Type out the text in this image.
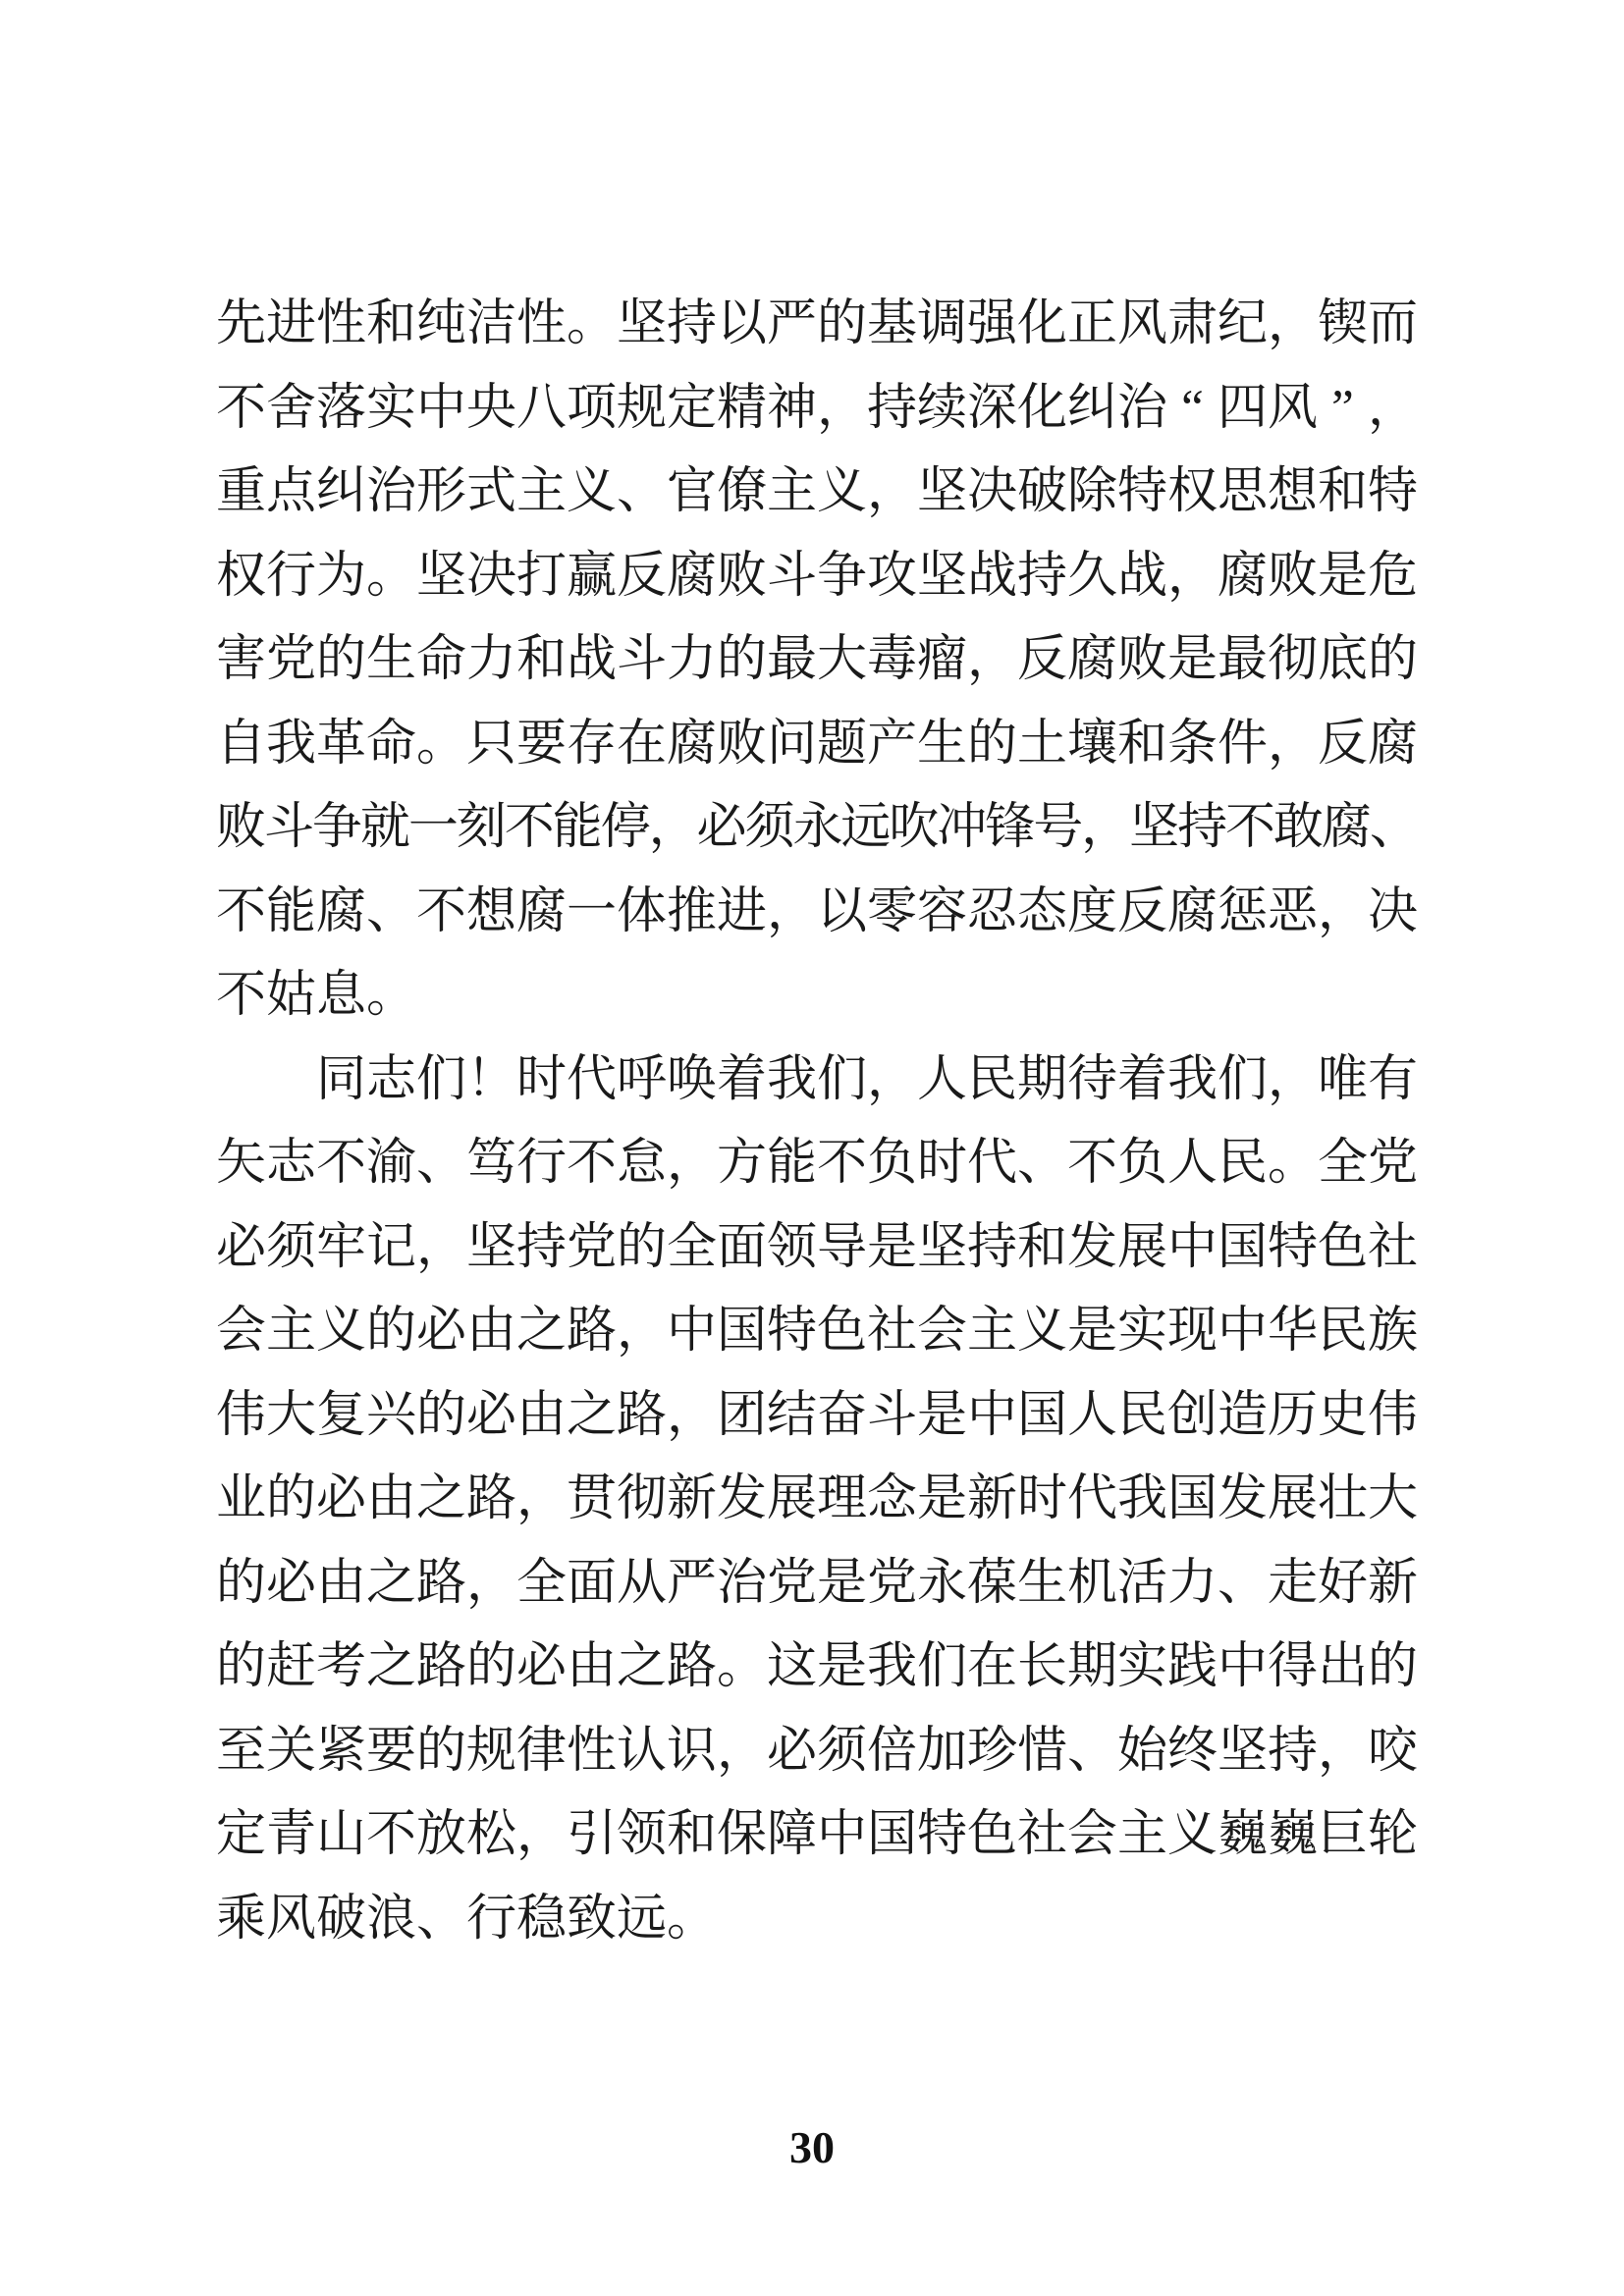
先 进 性 和 纯 洁 性 。 坚 持 以 严 的 基 调 强 化 正 风 肃 纪 ， 锲 而
不 舍 落 实 中 央 八 项 规 定 精 神 ， 持 续 深 化 纠 治 “ 四 风 ” ，
重 点 纠 治 形 式 主 义 、 官 僚 主 义 ， 坚 决 破 除 特 权 思 想 和 特
权 行 为 。 坚 决 打 赢 反 腐 败 斗 争 攻 坚 战 持 久 战 ， 腐 败 是 危
害 党 的 生 命 力 和 战 斗 力 的 最 大 毒 瘤 ， 反 腐 败 是 最 彻 底 的
自 我 革 命 。 只 要 存 在 腐 败 问 题 产 生 的 土 壤 和 条 件 ， 反 腐
败
斗
争
就
一
刻
不
能
停
，
必
须
永
远
吹
冲
锋
号
，
坚
持
不
敢
腐
、
不 能 腐 、 不 想 腐 一 体 推 进 ， 以 零 容 忍 态 度 反 腐 惩 恶 ， 决
不 姑 息 。
同 志 们 ！ 时 代 呼 唤 着 我 们 ， 人 民 期 待 着 我 们 ， 唯 有
矢 志 不 渝 、 笃 行 不 怠 ， 方 能 不 负 时 代 、 不 负 人 民 。 全 党
必 须 牢 记 ， 坚 持 党 的 全 面 领 导 是 坚 持 和 发 展 中 国 特 色 社
会 主 义 的 必 由 之 路 ， 中 国 特 色 社 会 主 义 是 实 现 中 华 民 族
伟 大 复 兴 的 必 由 之 路 ， 团 结 奋 斗 是 中 国 人 民 创 造 历 史 伟
业 的 必 由 之 路 ， 贯 彻 新 发 展 理 念 是 新 时 代 我 国 发 展 壮 大
的 必 由 之 路 ， 全 面 从 严 治 党 是 党 永 葆 生 机 活 力 、 走 好 新
的 赶 考 之 路 的 必 由 之 路 。 这 是 我 们 在 长 期 实 践 中 得 出 的
至 关 紧 要 的 规 律 性 认 识 ， 必 须 倍 加 珍 惜 、 始 终 坚 持 ， 咬
定 青 山 不 放 松 ， 引 领 和 保 障 中 国 特 色 社 会 主 义 巍 巍 巨 轮
乘 风 破 浪 、 行 稳 致 远 。
30
